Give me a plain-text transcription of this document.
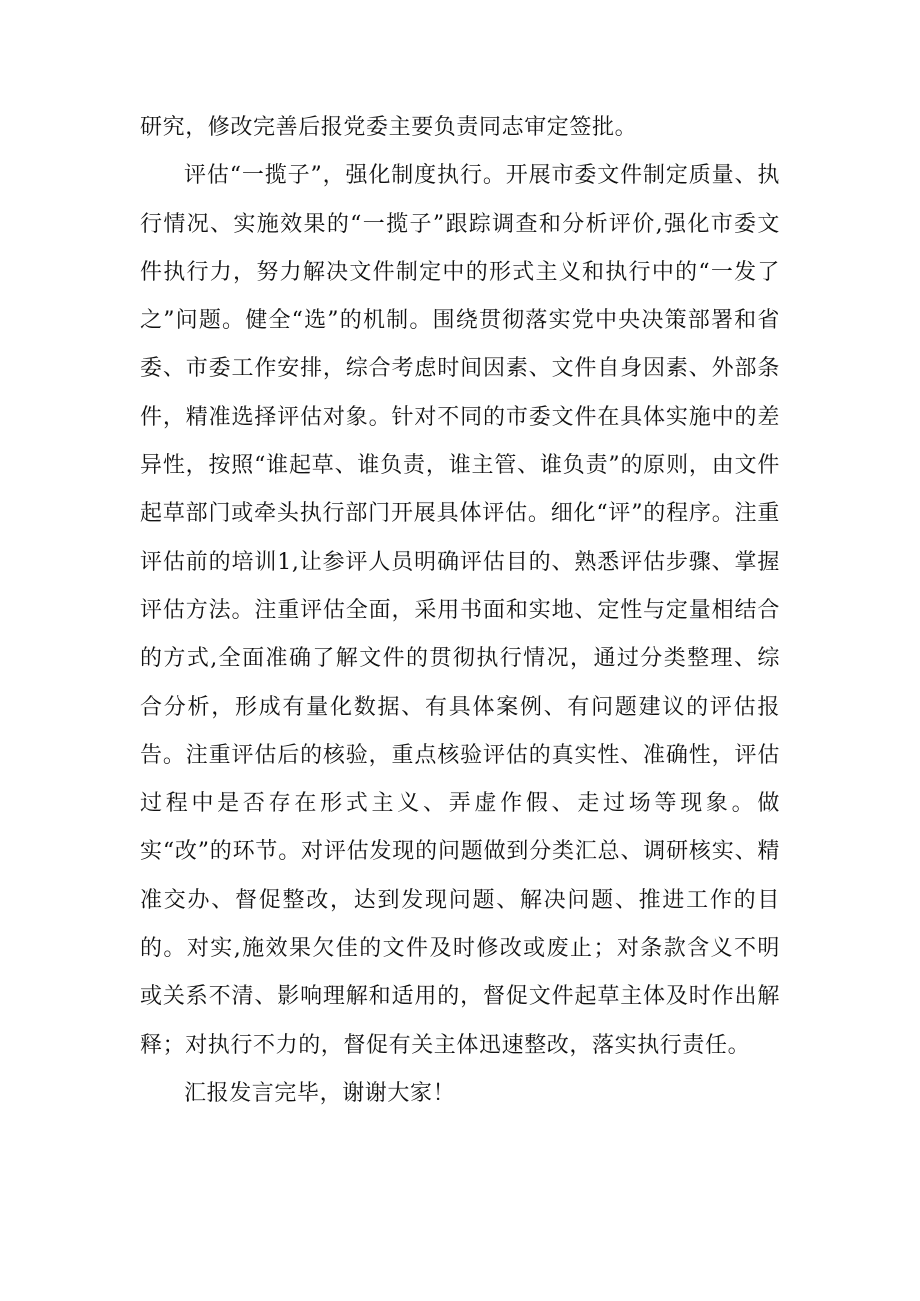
研究，修改完善后报党委主要负责同志审定签批。

评估“一揽子”，强化制度执行。开展市委文件制定质量、执行情况、实施效果的“一揽子”跟踪调查和分析评价,强化市委文件执行力，努力解决文件制定中的形式主义和执行中的“一发了之”问题。健全“选”的机制。围绕贯彻落实党中央决策部署和省委、市委工作安排，综合考虑时间因素、文件自身因素、外部条件，精准选择评估对象。针对不同的市委文件在具体实施中的差异性，按照“谁起草、谁负责，谁主管、谁负责”的原则，由文件起草部门或牵头执行部门开展具体评估。细化“评”的程序。注重评估前的培训1,让参评人员明确评估目的、熟悉评估步骤、掌握评估方法。注重评估全面，采用书面和实地、定性与定量相结合的方式,全面准确了解文件的贯彻执行情况，通过分类整理、综合分析，形成有量化数据、有具体案例、有问题建议的评估报告。注重评估后的核验，重点核验评估的真实性、准确性，评估过程中是否存在形式主义、弄虚作假、走过场等现象。做实“改”的环节。对评估发现的问题做到分类汇总、调研核实、精准交办、督促整改，达到发现问题、解决问题、推进工作的目的。对实,施效果欠佳的文件及时修改或废止；对条款含义不明或关系不清、影响理解和适用的，督促文件起草主体及时作出解释；对执行不力的，督促有关主体迅速整改，落实执行责任。

汇报发言完毕，谢谢大家！
